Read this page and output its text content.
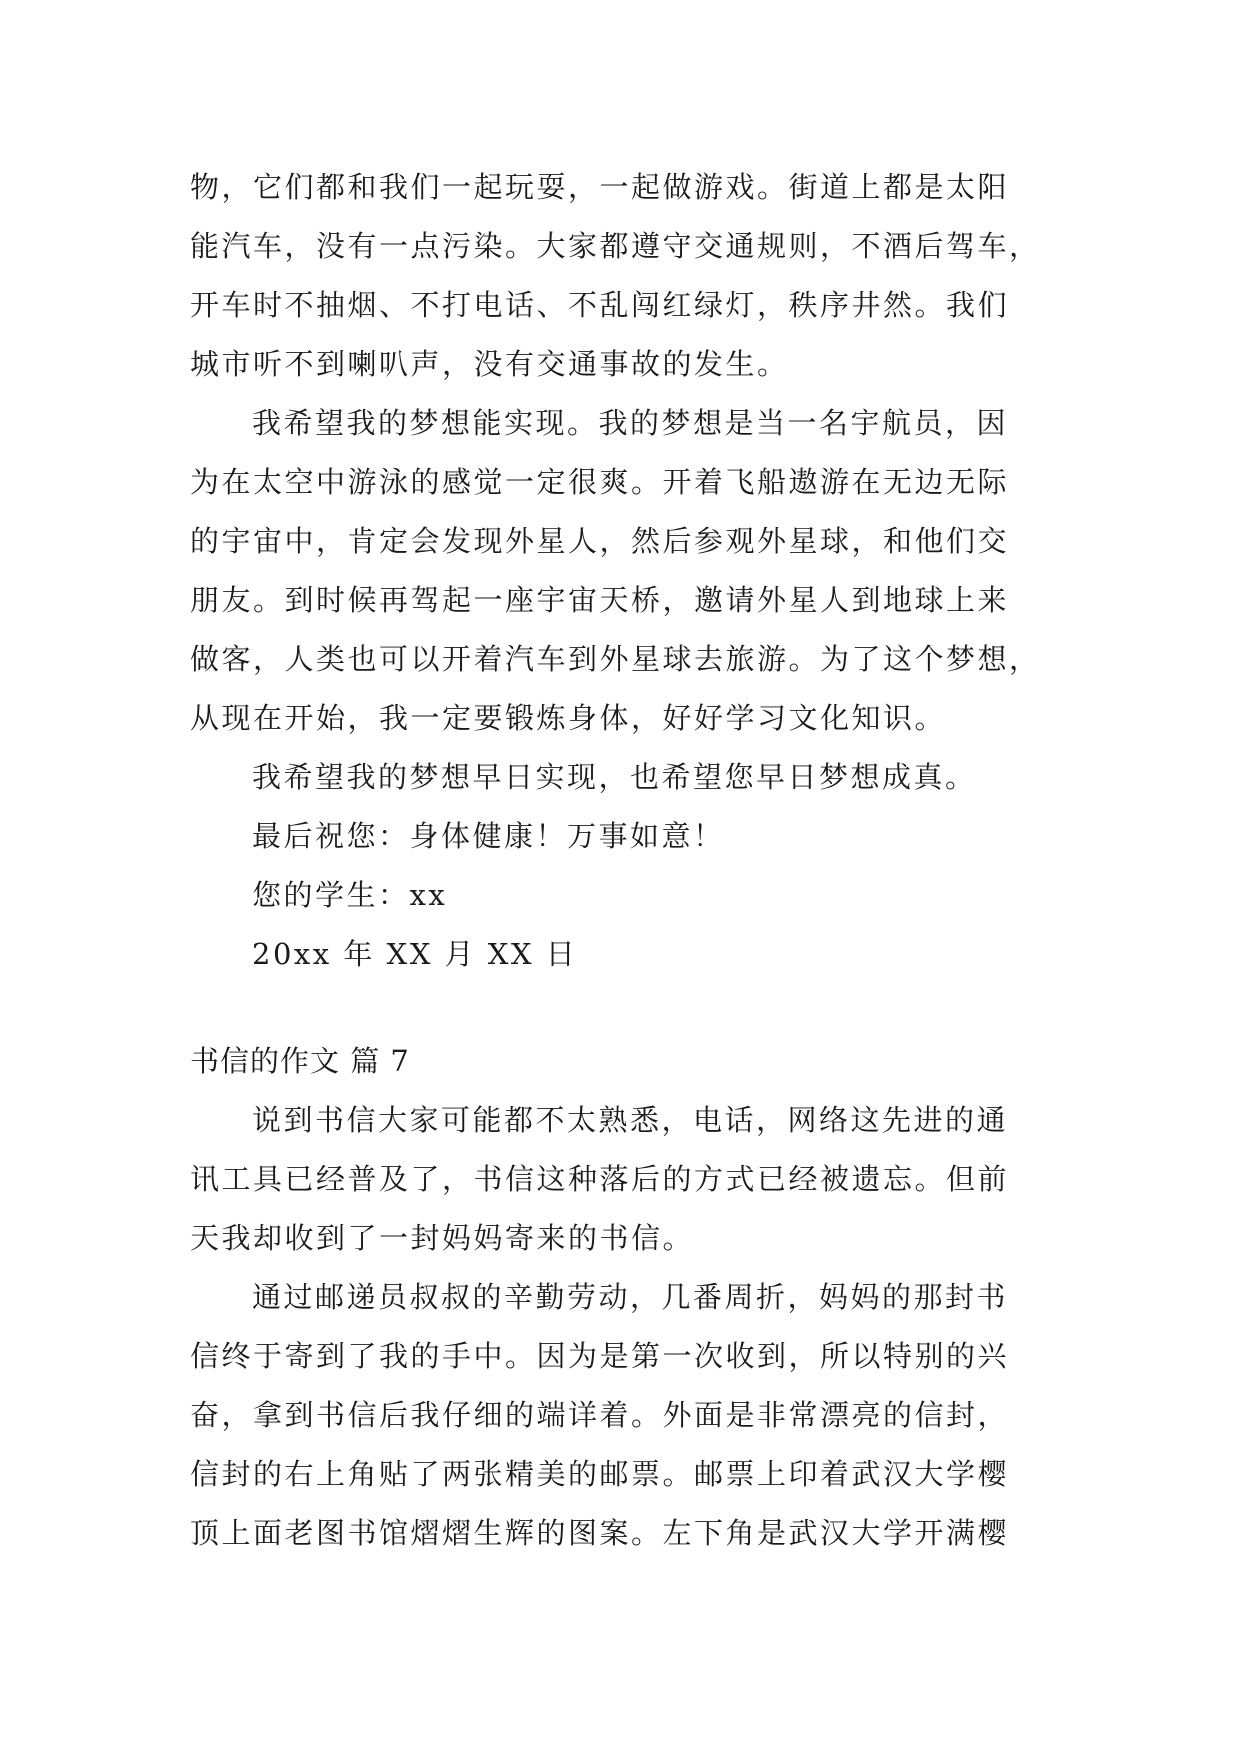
物，它们都和我们一起玩耍，一起做游戏。街道上都是太阳
能汽车，没有一点污染。大家都遵守交通规则，不酒后驾车，
开车时不抽烟、不打电话、不乱闯红绿灯，秩序井然。我们
城市听不到喇叭声，没有交通事故的发生。
我希望我的梦想能实现。我的梦想是当一名宇航员，因
为在太空中游泳的感觉一定很爽。开着飞船遨游在无边无际
的宇宙中，肯定会发现外星人，然后参观外星球，和他们交
朋友。到时候再驾起一座宇宙天桥，邀请外星人到地球上来
做客，人类也可以开着汽车到外星球去旅游。为了这个梦想，
从现在开始，我一定要锻炼身体，好好学习文化知识。
我希望我的梦想早日实现，也希望您早日梦想成真。
最后祝您：身体健康！万事如意！
您的学生：xx
20xx 年 XX 月 XX 日
书信的作文 篇 7
说到书信大家可能都不太熟悉，电话，网络这先进的通
讯工具已经普及了，书信这种落后的方式已经被遗忘。但前
天我却收到了一封妈妈寄来的书信。
通过邮递员叔叔的辛勤劳动，几番周折，妈妈的那封书
信终于寄到了我的手中。因为是第一次收到，所以特别的兴
奋，拿到书信后我仔细的端详着。外面是非常漂亮的信封，
信封的右上角贴了两张精美的邮票。邮票上印着武汉大学樱
顶上面老图书馆熠熠生辉的图案。左下角是武汉大学开满樱
